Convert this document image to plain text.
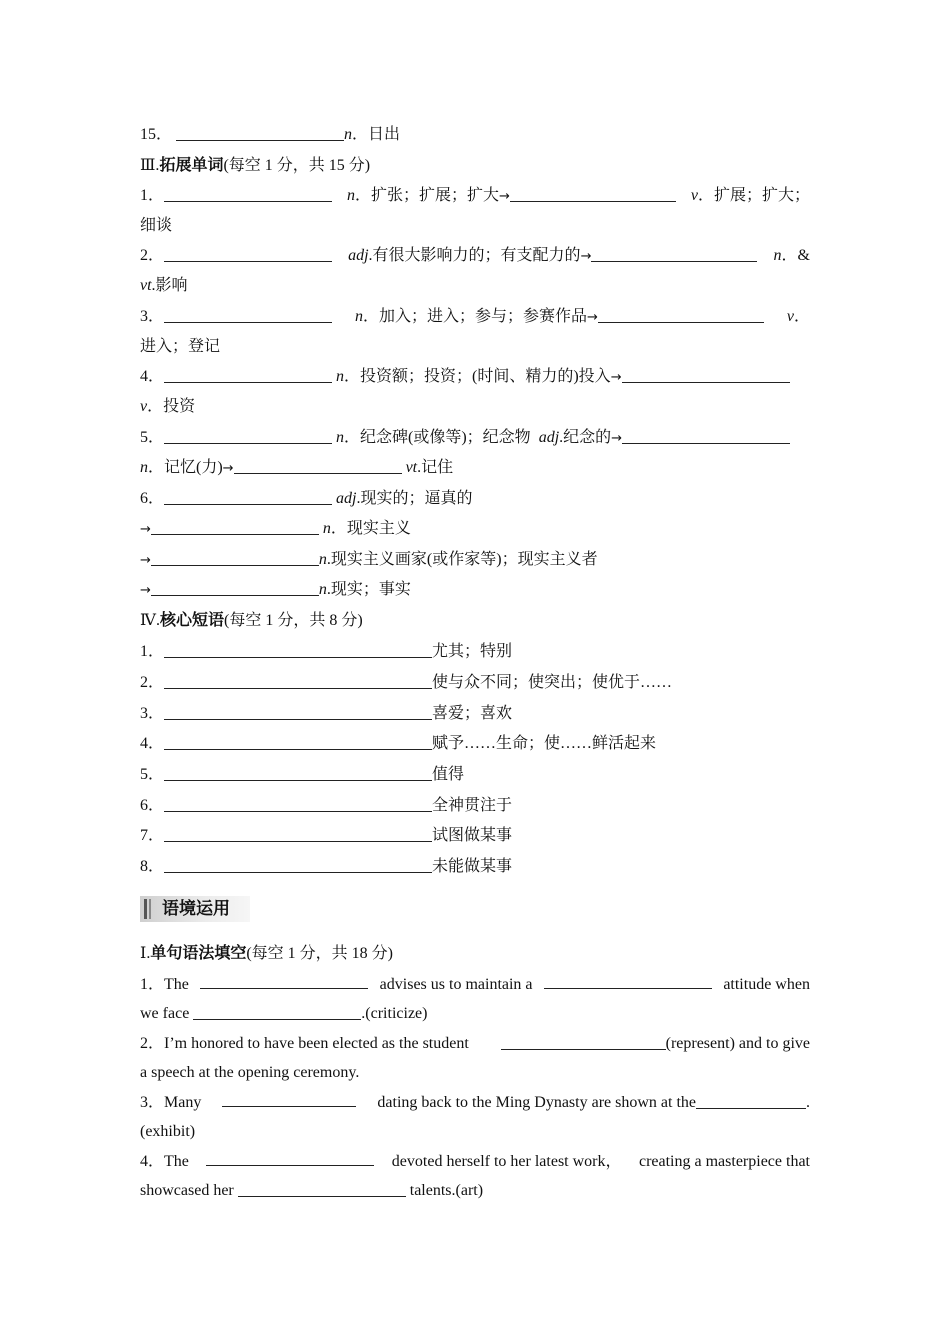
15．	n．日出
Ⅲ.拓展单词(每空 1 分，共 15 分)
1．	n．扩张；扩展；扩大→	v．扩展；扩大；
细谈
2．	adj.有很大影响力的；有支配力的→	n．&
vt.影响
3．	n．加入；进入；参与；参赛作品→	v．
进入；登记
4．	n．投资额；投资；(时间、精力的)投入→
v．投资
5．	n．纪念碑(或像等)；纪念物 adj.纪念的→
n．记忆(力)→	vt.记住
6．	adj.现实的；逼真的
→	n．现实主义
→	n.现实主义画家(或作家等)；现实主义者
→	n.现实；事实
Ⅳ.核心短语(每空 1 分，共 8 分)
1．	尤其；特别
2．	使与众不同；使突出；使优于……
3．	喜爱；喜欢
4．	赋予……生命；使……鲜活起来
5．	值得
6．	全神贯注于
7．	试图做某事
8．	未能做某事
语境运用
Ⅰ.单句语法填空(每空 1 分，共 18 分)
1．The	advises us to maintain a	attitude when
we face	.(criticize)
2．I’m honored to have been elected as the student	(represent) and to give
a speech at the opening ceremony.
3．Many	dating back to the Ming Dynasty are shown at the	.
(exhibit)
4．The	devoted herself to her latest work， creating a masterpiece that
showcased her	talents.(art)
